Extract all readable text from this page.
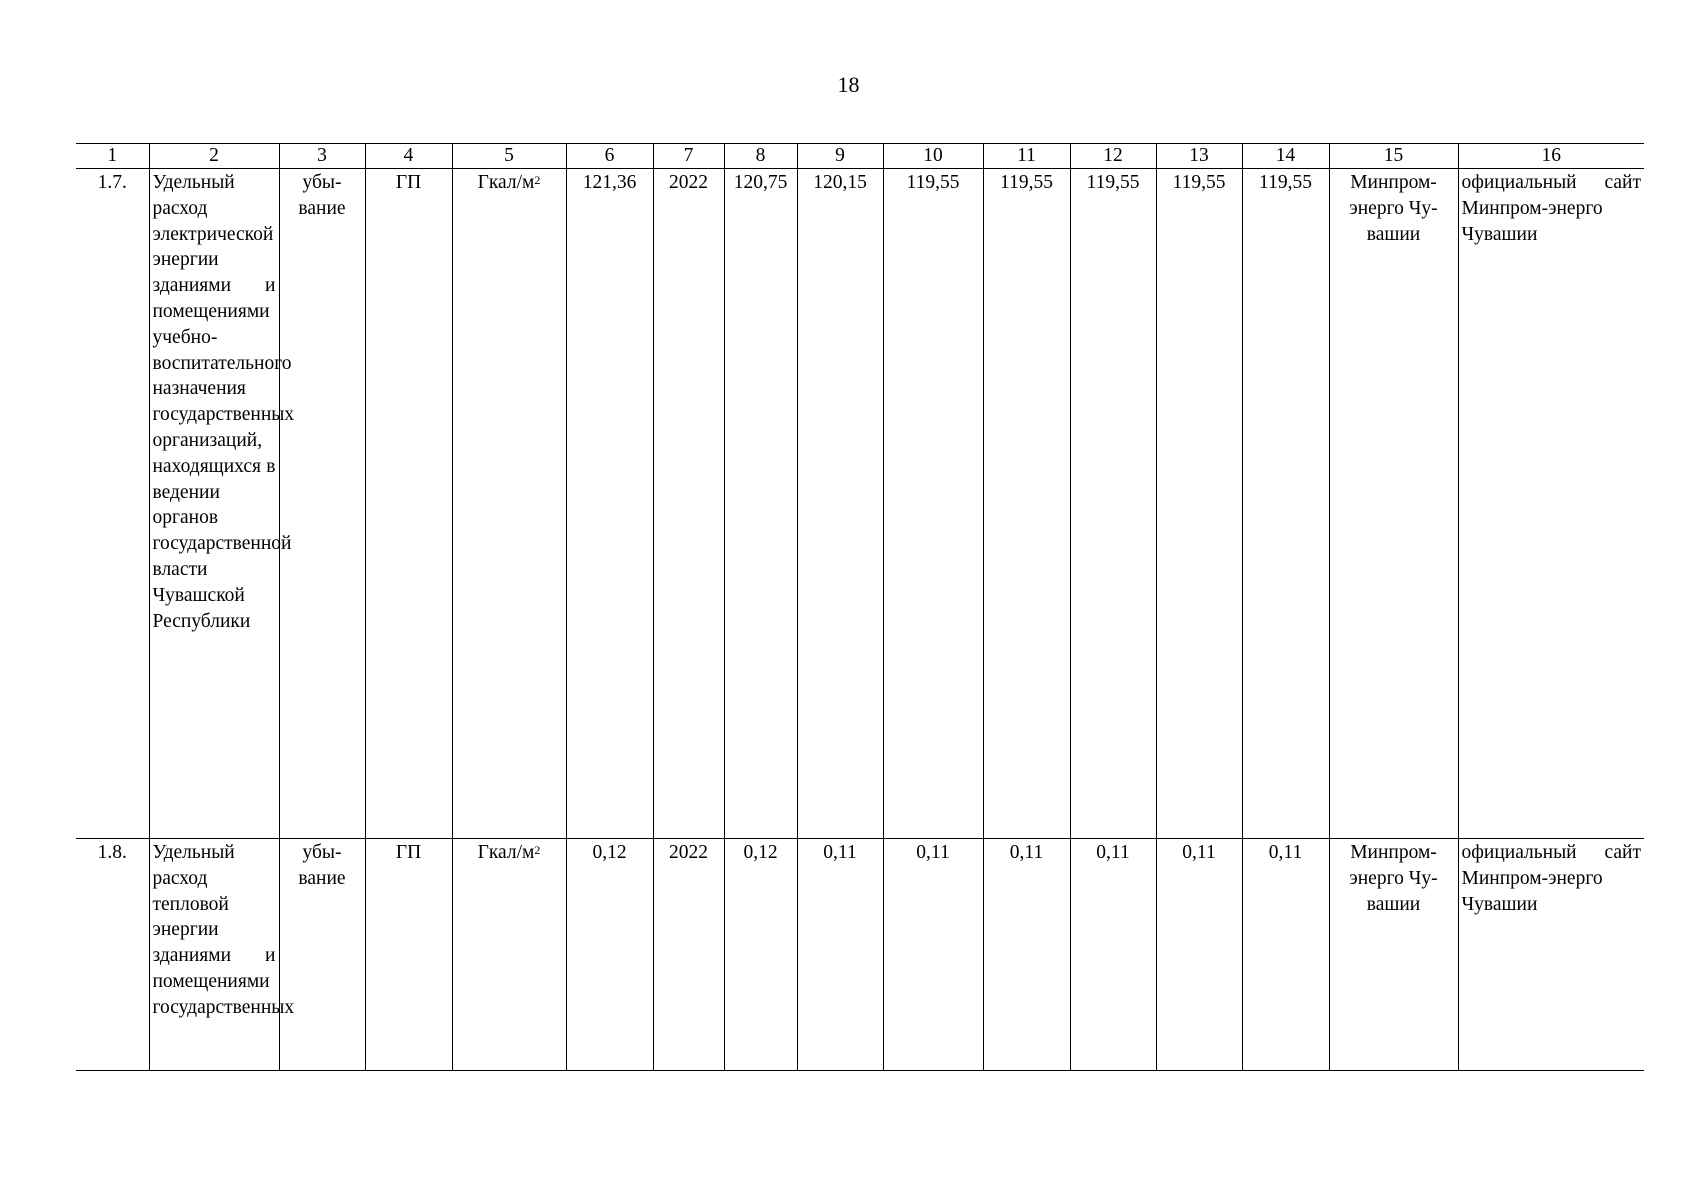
18
1	2	3	4	5	6	7	8	9	10	11	12	13	14	15	16
1.7.	Удельный расход электрической энергии зданиями и помещениями учебно-воспитательного назначения государственных организаций, находящихся в ведении органов государственной власти Чувашской Республики	убы-вание	ГП	Гкал/$м^2$	121,36	2022	120,75	120,15	119,55	119,55	119,55	119,55	119,55	Минпром-энерго Чу-вашии	официальный сайт Минпром-энерго Чувашии
1.8.	Удельный расход тепловой энергии зданиями и помещениями государственных	убы-вание	ГП	Гкал/$м^2$	0,12	2022	0,12	0,11	0,11	0,11	0,11	0,11	0,11	Минпром-энерго Чу-вашии	официальный сайт Минпром-энерго Чувашии
